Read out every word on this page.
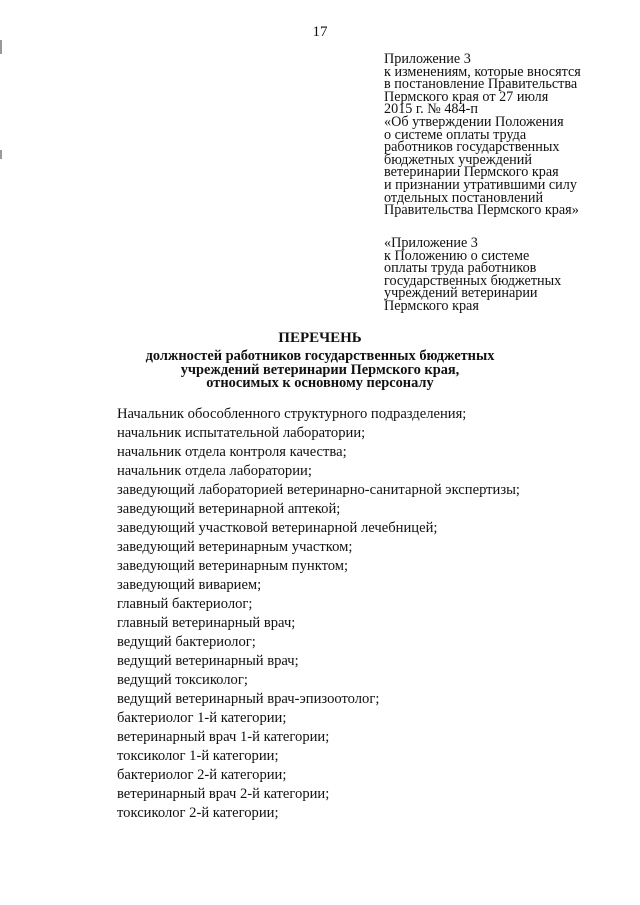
17
Приложение 3
к изменениям, которые вносятся
в постановление Правительства
Пермского края от 27 июля
2015 г. № 484-п
«Об утверждении Положения
о системе оплаты труда
работников государственных
бюджетных учреждений
ветеринарии Пермского края
и признании утратившими силу
отдельных постановлений
Правительства Пермского края»
«Приложение 3
к Положению о системе
оплаты труда работников
государственных бюджетных
учреждений ветеринарии
Пермского края
ПЕРЕЧЕНЬ
должностей работников государственных бюджетных
учреждений ветеринарии Пермского края,
относимых к основному персоналу
Начальник обособленного структурного подразделения;
начальник испытательной лаборатории;
начальник отдела контроля качества;
начальник отдела лаборатории;
заведующий лабораторией ветеринарно-санитарной экспертизы;
заведующий ветеринарной аптекой;
заведующий участковой ветеринарной лечебницей;
заведующий ветеринарным участком;
заведующий ветеринарным пунктом;
заведующий виварием;
главный бактериолог;
главный ветеринарный врач;
ведущий бактериолог;
ведущий ветеринарный врач;
ведущий токсиколог;
ведущий ветеринарный врач-эпизоотолог;
бактериолог 1-й категории;
ветеринарный врач 1-й категории;
токсиколог 1-й категории;
бактериолог 2-й категории;
ветеринарный врач 2-й категории;
токсиколог 2-й категории;
